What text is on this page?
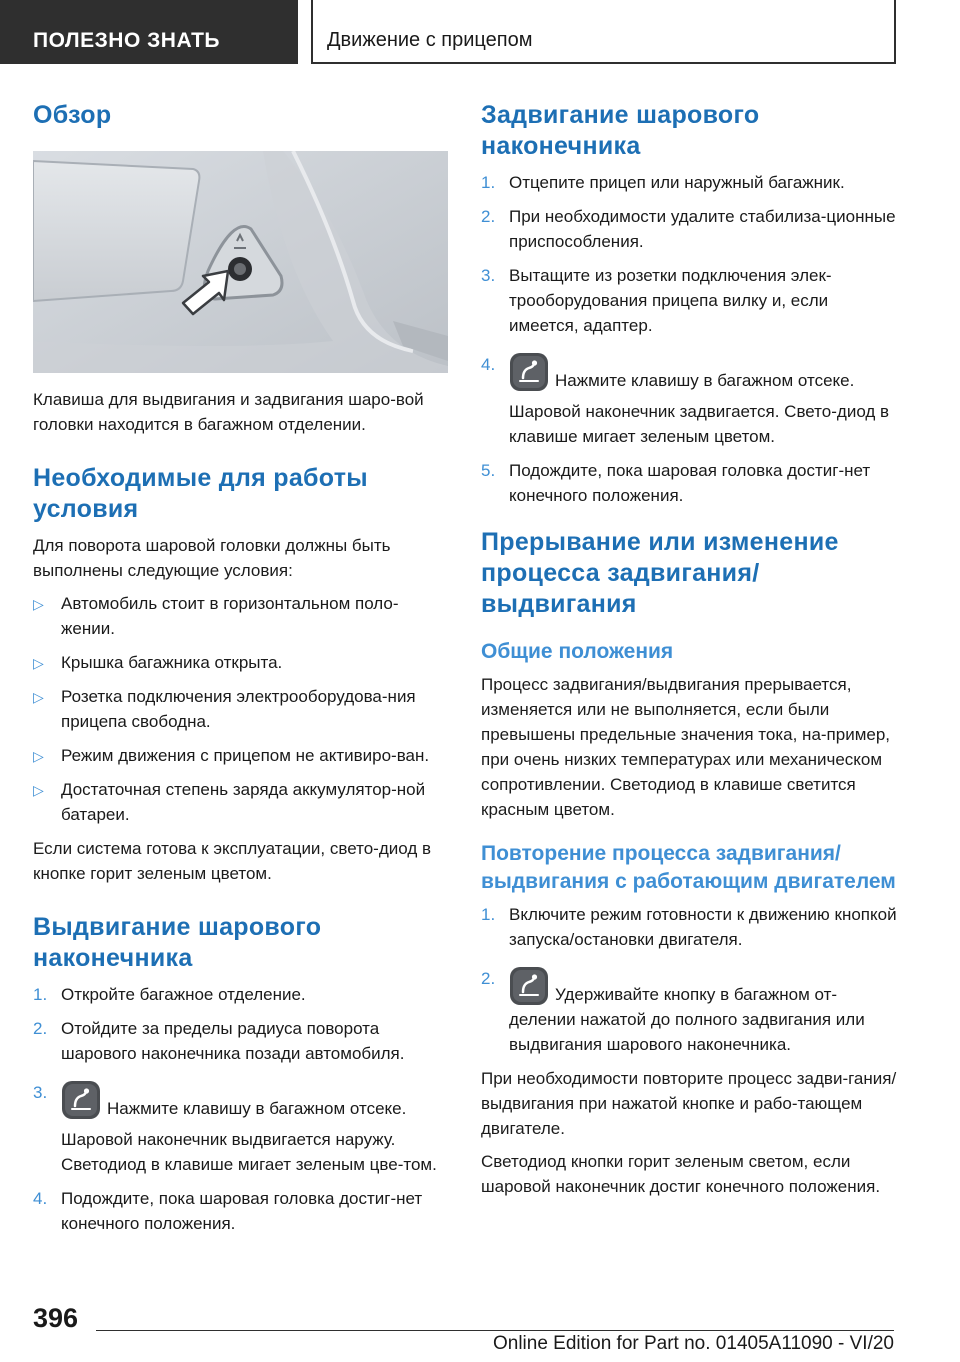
ПОЛЕЗНО ЗНАТЬ	Движение с прицепом
Обзор

Клавиша для выдвигания и задвигания шаро-вой головки находится в багажном отделении.

Необходимые для работы условия

Для поворота шаровой головки должны быть выполнены следующие условия:

▷ Автомобиль стоит в горизонтальном поло-жении.
▷ Крышка багажника открыта.
▷ Розетка подключения электрооборудова-ния прицепа свободна.
▷ Режим движения с прицепом не активиро-ван.
▷ Достаточная степень заряда аккумулятор-ной батареи.

Если система готова к эксплуатации, свето-диод в кнопке горит зеленым цветом.

Выдвигание шарового наконечника
1. Откройте багажное отделение.
2. Отойдите за пределы радиуса поворота шарового наконечника позади автомобиля.
3.
Нажмите клавишу в багажном отсеке.
Шаровой наконечник выдвигается наружу. Светодиод в клавише мигает зеленым цве-том.
4. Подождите, пока шаровая головка достиг-нет конечного положения.
Задвигание шарового наконечника
1. Отцепите прицеп или наружный багажник.
2. При необходимости удалите стабилиза-ционные приспособления.
3. Вытащите из розетки подключения элек-трооборудования прицепа вилку и, если имеется, адаптер.
4.
Нажмите клавишу в багажном отсеке.
Шаровой наконечник задвигается. Свето-диод в клавише мигает зеленым цветом.
5. Подождите, пока шаровая головка достиг-нет конечного положения.
Прерывание или изменение процесса задвигания/выдвигания
Общие положения

Процесс задвигания/выдвигания прерывается, изменяется или не выполняется, если были превышены предельные значения тока, на-пример, при очень низких температурах или механическом сопротивлении. Светодиод в клавише светится красным цветом.

Повторение процесса задвигания/выдвигания с работающим двигателем
1. Включите режим готовности к движению кнопкой запуска/остановки двигателя.
2.
Удерживайте кнопку в багажном от-делении нажатой до полного задвигания или выдвигания шарового наконечника.

При необходимости повторите процесс задви-гания/выдвигания при нажатой кнопке и рабо-тающем двигателе.

Светодиод кнопки горит зеленым светом, если шаровой наконечник достиг конечного положения.

396
Online Edition for Part no. 01405A11090 - VI/20
